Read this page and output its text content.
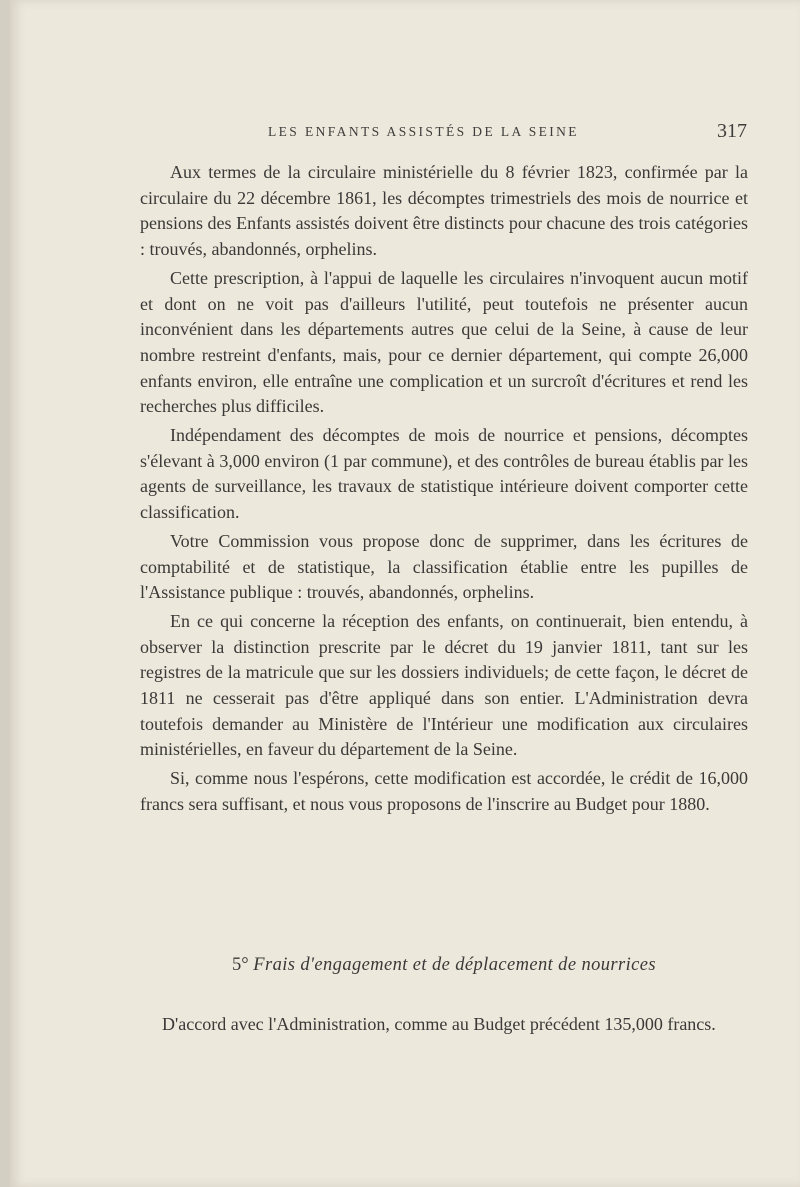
LES ENFANTS ASSISTÉS DE LA SEINE	317

Aux termes de la circulaire ministérielle du 8 février 1823, confirmée par la circulaire du 22 décembre 1861, les décomptes trimestriels des mois de nourrice et pensions des Enfants assistés doivent être distincts pour chacune des trois catégories : trouvés, abandonnés, orphelins.

Cette prescription, à l'appui de laquelle les circulaires n'invoquent aucun motif et dont on ne voit pas d'ailleurs l'utilité, peut toutefois ne présenter aucun inconvénient dans les départements autres que celui de la Seine, à cause de leur nombre restreint d'enfants, mais, pour ce dernier département, qui compte 26,000 enfants environ, elle entraîne une complication et un surcroît d'écritures et rend les recherches plus difficiles.

Indépendament des décomptes de mois de nourrice et pensions, décomptes s'élevant à 3,000 environ (1 par commune), et des contrôles de bureau établis par les agents de surveillance, les travaux de statistique intérieure doivent comporter cette classification.

Votre Commission vous propose donc de supprimer, dans les écritures de comptabilité et de statistique, la classification établie entre les pupilles de l'Assistance publique : trouvés, abandonnés, orphelins.

En ce qui concerne la réception des enfants, on continuerait, bien entendu, à observer la distinction prescrite par le décret du 19 janvier 1811, tant sur les registres de la matricule que sur les dossiers individuels; de cette façon, le décret de 1811 ne cesserait pas d'être appliqué dans son entier. L'Administration devra toutefois demander au Ministère de l'Intérieur une modification aux circulaires ministérielles, en faveur du département de la Seine.

Si, comme nous l'espérons, cette modification est accordée, le crédit de 16,000 francs sera suffisant, et nous vous proposons de l'inscrire au Budget pour 1880.

5° Frais d'engagement et de déplacement de nourrices

D'accord avec l'Administration, comme au Budget précédent 135,000 francs.
